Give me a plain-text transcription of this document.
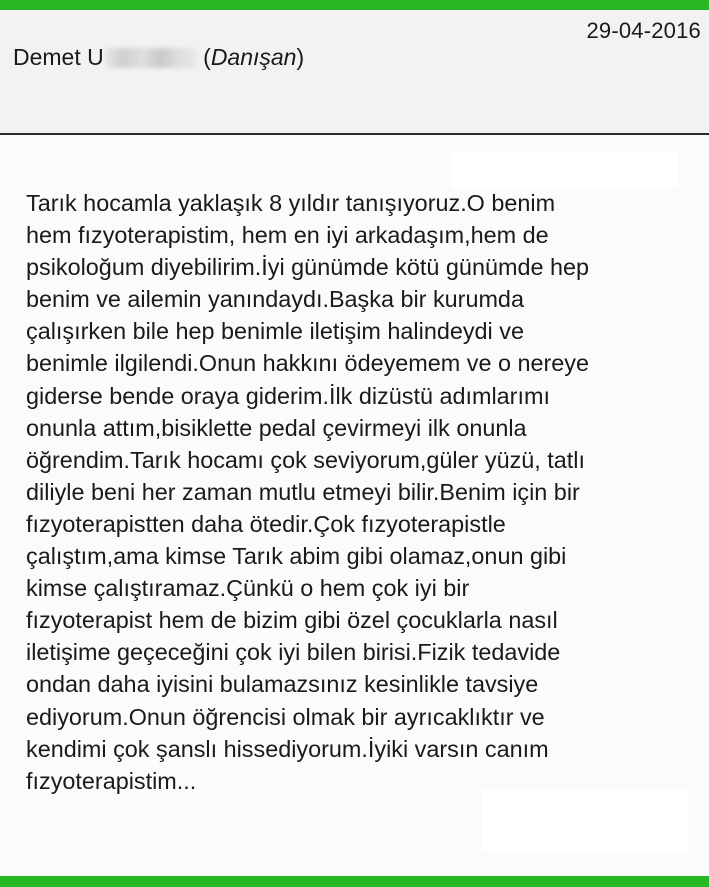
29-04-2016
Demet U	(Danışan)
Tarık hocamla yaklaşık 8 yıldır tanışıyoruz.O benim
hem fızyoterapistim, hem en iyi arkadaşım,hem de
psikoloğum diyebilirim.İyi günümde kötü günümde hep
benim ve ailemin yanındaydı.Başka bir kurumda
çalışırken bile hep benimle iletişim halindeydi ve
benimle ilgilendi.Onun hakkını ödeyemem ve o nereye
giderse bende oraya giderim.İlk dizüstü adımlarımı
onunla attım,bisiklette pedal çevirmeyi ilk onunla
öğrendim.Tarık hocamı çok seviyorum,güler yüzü, tatlı
diliyle beni her zaman mutlu etmeyi bilir.Benim için bir
fızyoterapistten daha ötedir.Çok fızyoterapistle
çalıştım,ama kimse Tarık abim gibi olamaz,onun gibi
kimse çalıştıramaz.Çünkü o hem çok iyi bir
fızyoterapist hem de bizim gibi özel çocuklarla nasıl
iletişime geçeceğini çok iyi bilen birisi.Fizik tedavide
ondan daha iyisini bulamazsınız kesinlikle tavsiye
ediyorum.Onun öğrencisi olmak bir ayrıcaklıktır ve
kendimi çok şanslı hissediyorum.İyiki varsın canım
fızyoterapistim...
